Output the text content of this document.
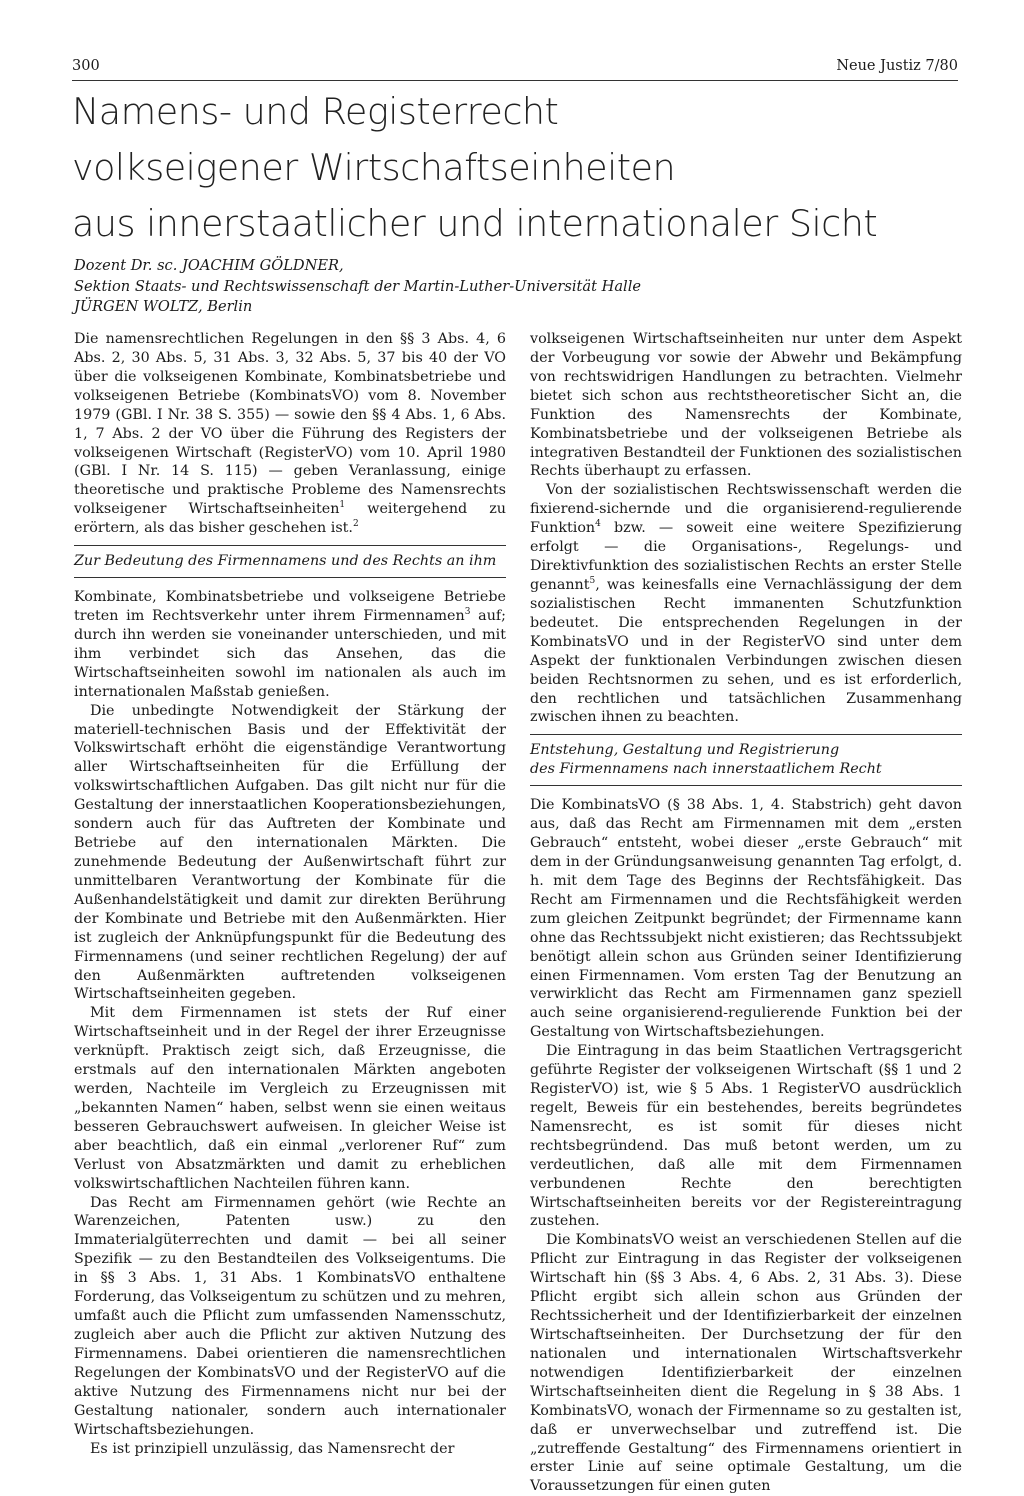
300	Neue Justiz 7/80
Namens- und Registerrecht
volkseigener Wirtschaftseinheiten
aus innerstaatlicher und internationaler Sicht
Dozent Dr. sc. JOACHIM GÖLDNER,
Sektion Staats- und Rechtswissenschaft der Martin-Luther-Universität Halle
JÜRGEN WOLTZ, Berlin

Die namensrechtlichen Regelungen in den §§ 3 Abs. 4, 6 Abs. 2, 30 Abs. 5, 31 Abs. 3, 32 Abs. 5, 37 bis 40 der VO über die volkseigenen Kombinate, Kombinatsbetriebe und volkseigenen Betriebe (KombinatsVO) vom 8. November 1979 (GBl. I Nr. 38 S. 355) — sowie den §§ 4 Abs. 1, 6 Abs. 1, 7 Abs. 2 der VO über die Führung des Registers der volkseigenen Wirtschaft (RegisterVO) vom 10. April 1980 (GBl. I Nr. 14 S. 115) — geben Veranlassung, einige theoretische und praktische Probleme des Namensrechts volkseigener Wirtschaftseinheiten$^1$ weitergehend zu erörtern, als das bisher geschehen ist.$^2$

Zur Bedeutung des Firmennamens und des Rechts an ihm

Kombinate, Kombinatsbetriebe und volkseigene Betriebe treten im Rechtsverkehr unter ihrem Firmennamen$^3$ auf; durch ihn werden sie voneinander unterschieden, und mit ihm verbindet sich das Ansehen, das die Wirtschaftseinheiten sowohl im nationalen als auch im internationalen Maßstab genießen.

Die unbedingte Notwendigkeit der Stärkung der materiell-technischen Basis und der Effektivität der Volkswirtschaft erhöht die eigenständige Verantwortung aller Wirtschaftseinheiten für die Erfüllung der volkswirtschaftlichen Aufgaben. Das gilt nicht nur für die Gestaltung der innerstaatlichen Kooperationsbeziehungen, sondern auch für das Auftreten der Kombinate und Betriebe auf den internationalen Märkten. Die zunehmende Bedeutung der Außenwirtschaft führt zur unmittelbaren Verantwortung der Kombinate für die Außenhandelstätigkeit und damit zur direkten Berührung der Kombinate und Betriebe mit den Außenmärkten. Hier ist zugleich der Anknüpfungspunkt für die Bedeutung des Firmennamens (und seiner rechtlichen Regelung) der auf den Außenmärkten auftretenden volkseigenen Wirtschaftseinheiten gegeben.

Mit dem Firmennamen ist stets der Ruf einer Wirtschaftseinheit und in der Regel der ihrer Erzeugnisse verknüpft. Praktisch zeigt sich, daß Erzeugnisse, die erstmals auf den internationalen Märkten angeboten werden, Nachteile im Vergleich zu Erzeugnissen mit „bekannten Namen“ haben, selbst wenn sie einen weitaus besseren Gebrauchswert aufweisen. In gleicher Weise ist aber beachtlich, daß ein einmal „verlorener Ruf“ zum Verlust von Absatzmärkten und damit zu erheblichen volkswirtschaftlichen Nachteilen führen kann.

Das Recht am Firmennamen gehört (wie Rechte an Warenzeichen, Patenten usw.) zu den Immaterialgüterrechten und damit — bei all seiner Spezifik — zu den Bestandteilen des Volkseigentums. Die in §§ 3 Abs. 1, 31 Abs. 1 KombinatsVO enthaltene Forderung, das Volkseigentum zu schützen und zu mehren, umfaßt auch die Pflicht zum umfassenden Namensschutz, zugleich aber auch die Pflicht zur aktiven Nutzung des Firmennamens. Dabei orientieren die namensrechtlichen Regelungen der KombinatsVO und der RegisterVO auf die aktive Nutzung des Firmennamens nicht nur bei der Gestaltung nationaler, sondern auch internationaler Wirtschaftsbeziehungen.

Es ist prinzipiell unzulässig, das Namensrecht der

volkseigenen Wirtschaftseinheiten nur unter dem Aspekt der Vorbeugung vor sowie der Abwehr und Bekämpfung von rechtswidrigen Handlungen zu betrachten. Vielmehr bietet sich schon aus rechtstheoretischer Sicht an, die Funktion des Namensrechts der Kombinate, Kombinatsbetriebe und der volkseigenen Betriebe als integrativen Bestandteil der Funktionen des sozialistischen Rechts überhaupt zu erfassen.

Von der sozialistischen Rechtswissenschaft werden die fixierend-sichernde und die organisierend-regulierende Funktion$^4$ bzw. — soweit eine weitere Spezifizierung erfolgt — die Organisations-, Regelungs- und Direktivfunktion des sozialistischen Rechts an erster Stelle genannt$^5$, was keinesfalls eine Vernachlässigung der dem sozialistischen Recht immanenten Schutzfunktion bedeutet. Die entsprechenden Regelungen in der KombinatsVO und in der RegisterVO sind unter dem Aspekt der funktionalen Verbindungen zwischen diesen beiden Rechtsnormen zu sehen, und es ist erforderlich, den rechtlichen und tatsächlichen Zusammenhang zwischen ihnen zu beachten.

Entstehung, Gestaltung und Registrierung
des Firmennamens nach innerstaatlichem Recht

Die KombinatsVO (§ 38 Abs. 1, 4. Stabstrich) geht davon aus, daß das Recht am Firmennamen mit dem „ersten Gebrauch“ entsteht, wobei dieser „erste Gebrauch“ mit dem in der Gründungsanweisung genannten Tag erfolgt, d. h. mit dem Tage des Beginns der Rechtsfähigkeit. Das Recht am Firmennamen und die Rechtsfähigkeit werden zum gleichen Zeitpunkt begründet; der Firmenname kann ohne das Rechtssubjekt nicht existieren; das Rechtssubjekt benötigt allein schon aus Gründen seiner Identifizierung einen Firmennamen. Vom ersten Tag der Benutzung an verwirklicht das Recht am Firmennamen ganz speziell auch seine organisierend-regulierende Funktion bei der Gestaltung von Wirtschaftsbeziehungen.

Die Eintragung in das beim Staatlichen Vertragsgericht geführte Register der volkseigenen Wirtschaft (§§ 1 und 2 RegisterVO) ist, wie § 5 Abs. 1 RegisterVO ausdrücklich regelt, Beweis für ein bestehendes, bereits begründetes Namensrecht, es ist somit für dieses nicht rechtsbegründend. Das muß betont werden, um zu verdeutlichen, daß alle mit dem Firmennamen verbundenen Rechte den berechtigten Wirtschaftseinheiten bereits vor der Registereintragung zustehen.

Die KombinatsVO weist an verschiedenen Stellen auf die Pflicht zur Eintragung in das Register der volkseigenen Wirtschaft hin (§§ 3 Abs. 4, 6 Abs. 2, 31 Abs. 3). Diese Pflicht ergibt sich allein schon aus Gründen der Rechtssicherheit und der Identifizierbarkeit der einzelnen Wirtschaftseinheiten. Der Durchsetzung der für den nationalen und internationalen Wirtschaftsverkehr notwendigen Identifizierbarkeit der einzelnen Wirtschaftseinheiten dient die Regelung in § 38 Abs. 1 KombinatsVO, wonach der Firmenname so zu gestalten ist, daß er unverwechselbar und zutreffend ist. Die „zutreffende Gestaltung“ des Firmennamens orientiert in erster Linie auf seine optimale Gestaltung, um die Voraussetzungen für einen guten
